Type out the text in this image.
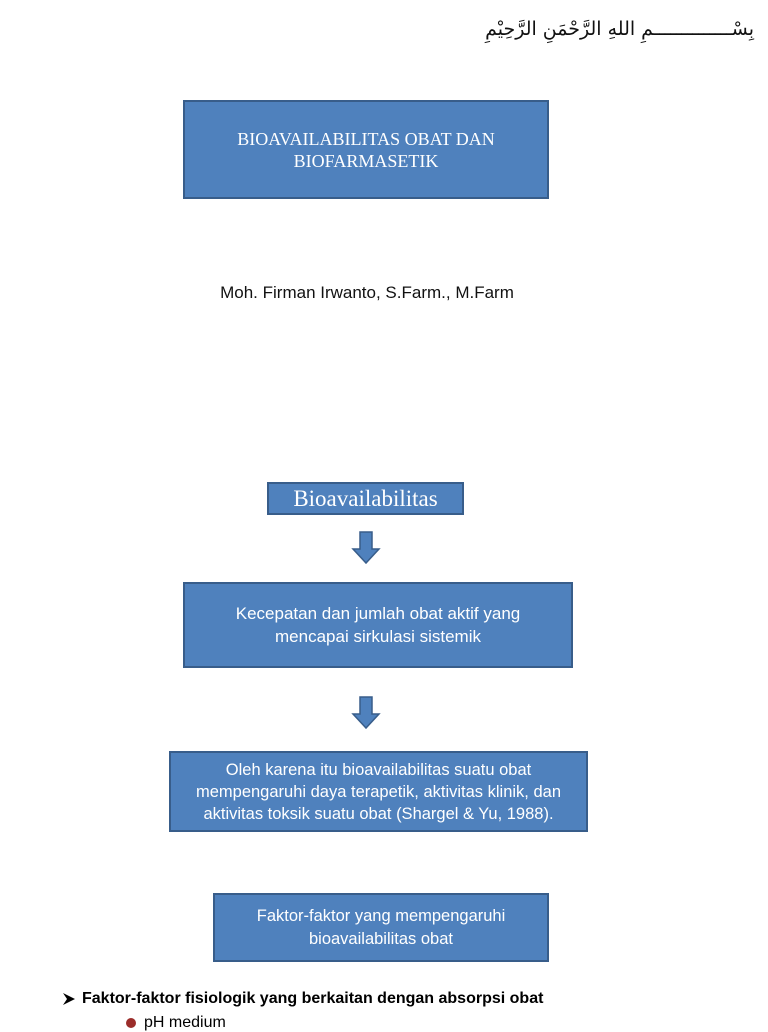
بِسْــــــــــــــمِ اللهِ الرَّحْمَنِ الرَّحِيْمِ
BIOAVAILABILITAS OBAT DAN
BIOFARMASETIK
Moh. Firman Irwanto, S.Farm., M.Farm
Bioavailabilitas
Kecepatan dan jumlah obat aktif yang
mencapai sirkulasi sistemik
Oleh karena itu bioavailabilitas suatu obat
mempengaruhi daya terapetik, aktivitas klinik, dan
aktivitas toksik suatu obat (Shargel & Yu, 1988).
Faktor-faktor yang mempengaruhi
bioavailabilitas obat
Faktor-faktor fisiologik yang berkaitan dengan absorpsi obat
pH medium
